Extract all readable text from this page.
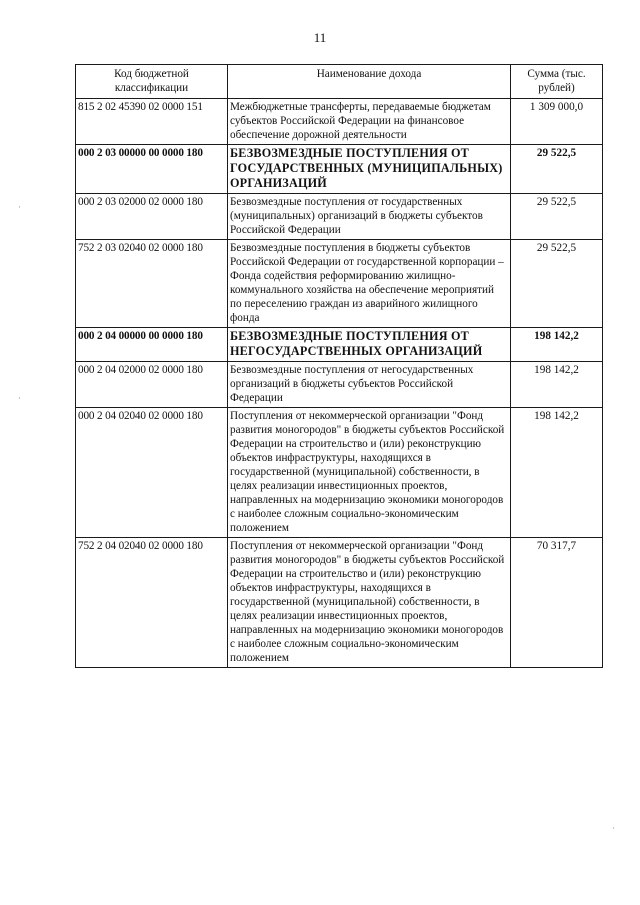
11
Код бюджетной классификации	Наименование дохода	Сумма (тыс. рублей)
815 2 02 45390 02 0000 151	Межбюджетные трансферты, передаваемые бюджетам субъектов Российской Федерации на финансовое обеспечение дорожной деятельности	1 309 000,0
000 2 03 00000 00 0000 180	БЕЗВОЗМЕЗДНЫЕ ПОСТУПЛЕНИЯ ОТ ГОСУДАРСТВЕННЫХ (МУНИЦИПАЛЬНЫХ) ОРГАНИЗАЦИЙ	29 522,5
000 2 03 02000 02 0000 180	Безвозмездные поступления от государственных (муниципальных) организаций в бюджеты субъектов Российской Федерации	29 522,5
752 2 03 02040 02 0000 180	Безвозмездные поступления в бюджеты субъектов Российской Федерации от государственной корпорации – Фонда содействия реформированию жилищно-коммунального хозяйства на обеспечение мероприятий по переселению граждан из аварийного жилищного фонда	29 522,5
000 2 04 00000 00 0000 180	БЕЗВОЗМЕЗДНЫЕ ПОСТУПЛЕНИЯ ОТ НЕГОСУДАРСТВЕННЫХ ОРГАНИЗАЦИЙ	198 142,2
000 2 04 02000 02 0000 180	Безвозмездные поступления от негосударственных организаций в бюджеты субъектов Российской Федерации	198 142,2
000 2 04 02040 02 0000 180	Поступления от некоммерческой организации "Фонд развития моногородов" в бюджеты субъектов Российской Федерации на строительство и (или) реконструкцию объектов инфраструктуры, находящихся в государственной (муниципальной) собственности, в целях реализации инвестиционных проектов, направленных на модернизацию экономики моногородов с наиболее сложным социально-экономическим положением	198 142,2
752 2 04 02040 02 0000 180	Поступления от некоммерческой организации "Фонд развития моногородов" в бюджеты субъектов Российской Федерации на строительство и (или) реконструкцию объектов инфраструктуры, находящихся в государственной (муниципальной) собственности, в целях реализации инвестиционных проектов, направленных на модернизацию экономики моногородов с наиболее сложным социально-экономическим положением	70 317,7
·
·
·
